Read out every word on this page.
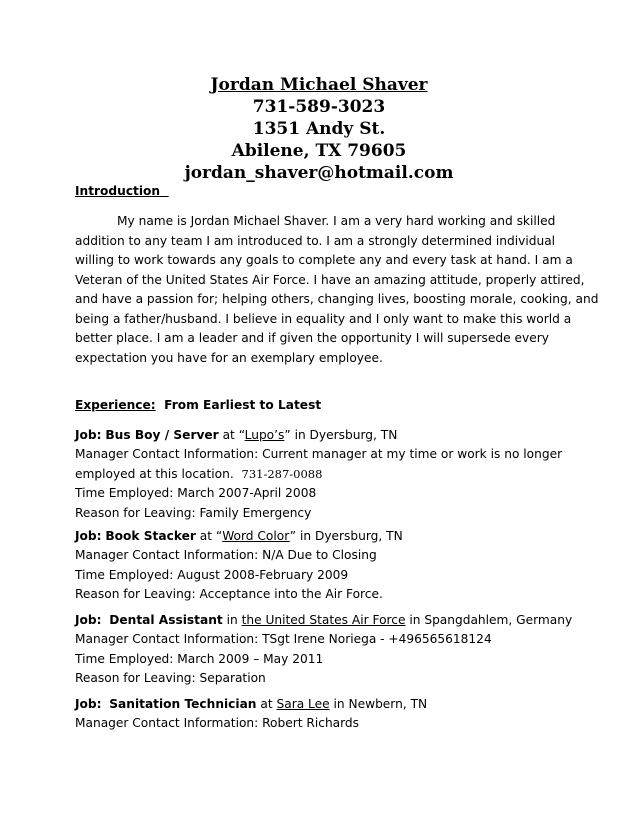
Jordan Michael Shaver
731-589-3023
1351 Andy St.
Abilene, TX 79605
jordan_shaver@hotmail.com
Introduction
My name is Jordan Michael Shaver. I am a very hard working and skilled
addition to any team I am introduced to. I am a strongly determined individual
willing to work towards any goals to complete any and every task at hand. I am a
Veteran of the United States Air Force. I have an amazing attitude, properly attired,
and have a passion for; helping others, changing lives, boosting morale, cooking, and
being a father/husband. I believe in equality and I only want to make this world a
better place. I am a leader and if given the opportunity I will supersede every
expectation you have for an exemplary employee.
Experience: From Earliest to Latest
Job: Bus Boy / Server at “Lupo’s” in Dyersburg, TN
Manager Contact Information: Current manager at my time or work is no longer
employed at this location. 731-287-0088
Time Employed: March 2007-April 2008
Reason for Leaving: Family Emergency
Job: Book Stacker at “Word Color” in Dyersburg, TN
Manager Contact Information: N/A Due to Closing
Time Employed: August 2008-February 2009
Reason for Leaving: Acceptance into the Air Force.
Job: Dental Assistant in the United States Air Force in Spangdahlem, Germany
Manager Contact Information: TSgt Irene Noriega - +496565618124
Time Employed: March 2009 – May 2011
Reason for Leaving: Separation
Job: Sanitation Technician at Sara Lee in Newbern, TN
Manager Contact Information: Robert Richards
